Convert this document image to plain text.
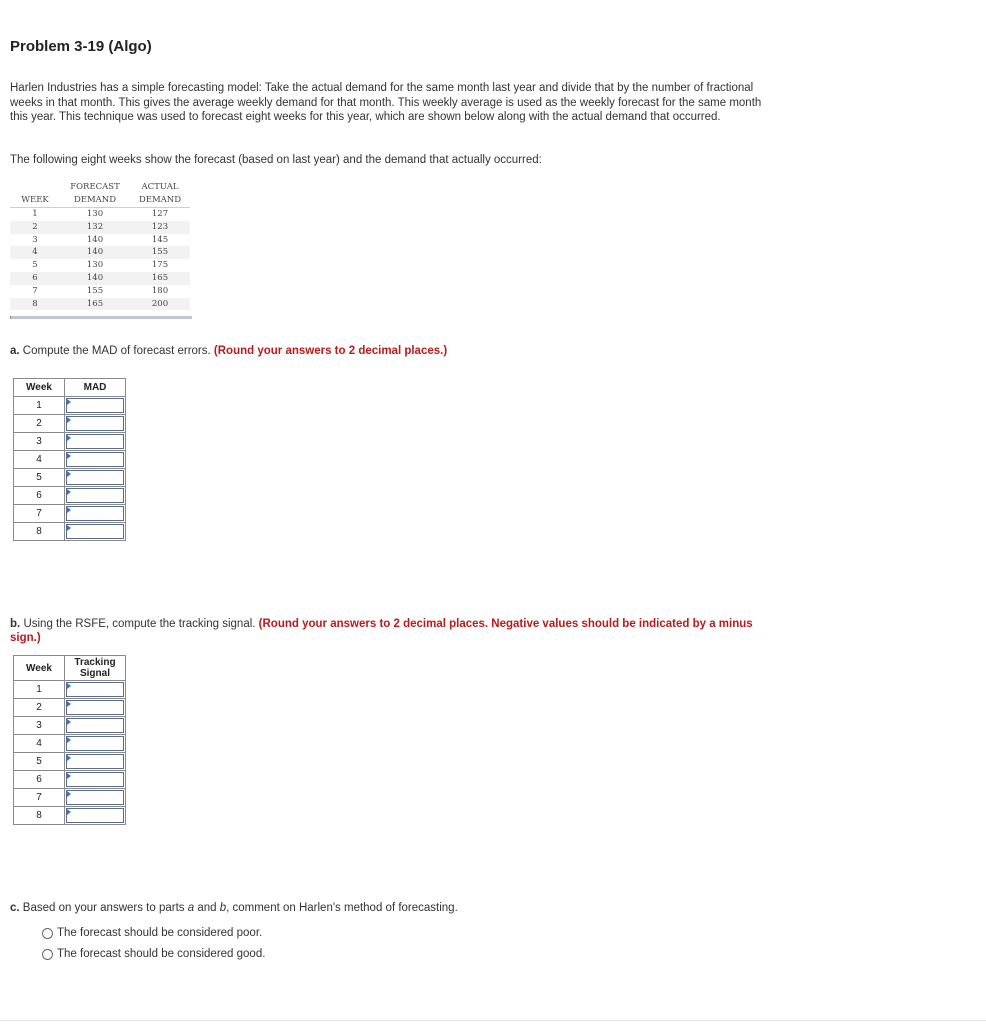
Problem 3-19 (Algo)
Harlen Industries has a simple forecasting model: Take the actual demand for the same month last year and divide that by the number of fractional weeks in that month. This gives the average weekly demand for that month. This weekly average is used as the weekly forecast for the same month this year. This technique was used to forecast eight weeks for this year, which are shown below along with the actual demand that occurred.
The following eight weeks show the forecast (based on last year) and the demand that actually occurred:
	FORECAST	ACTUAL
WEEK	DEMAND	DEMAND
1	130	127
2	132	123
3	140	145
4	140	155
5	130	175
6	140	165
7	155	180
8	165	200
a. Compute the MAD of forecast errors. (Round your answers to 2 decimal places.)
Week	MAD
1	

2	

3	

4	

5	

6	

7	

8	
b. Using the RSFE, compute the tracking signal. (Round your answers to 2 decimal places. Negative values should be indicated by a minus sign.)
Week	Tracking
Signal
1	

2	

3	

4	

5	

6	

7	

8	
c. Based on your answers to parts a and b, comment on Harlen's method of forecasting.
The forecast should be considered poor.
The forecast should be considered good.
